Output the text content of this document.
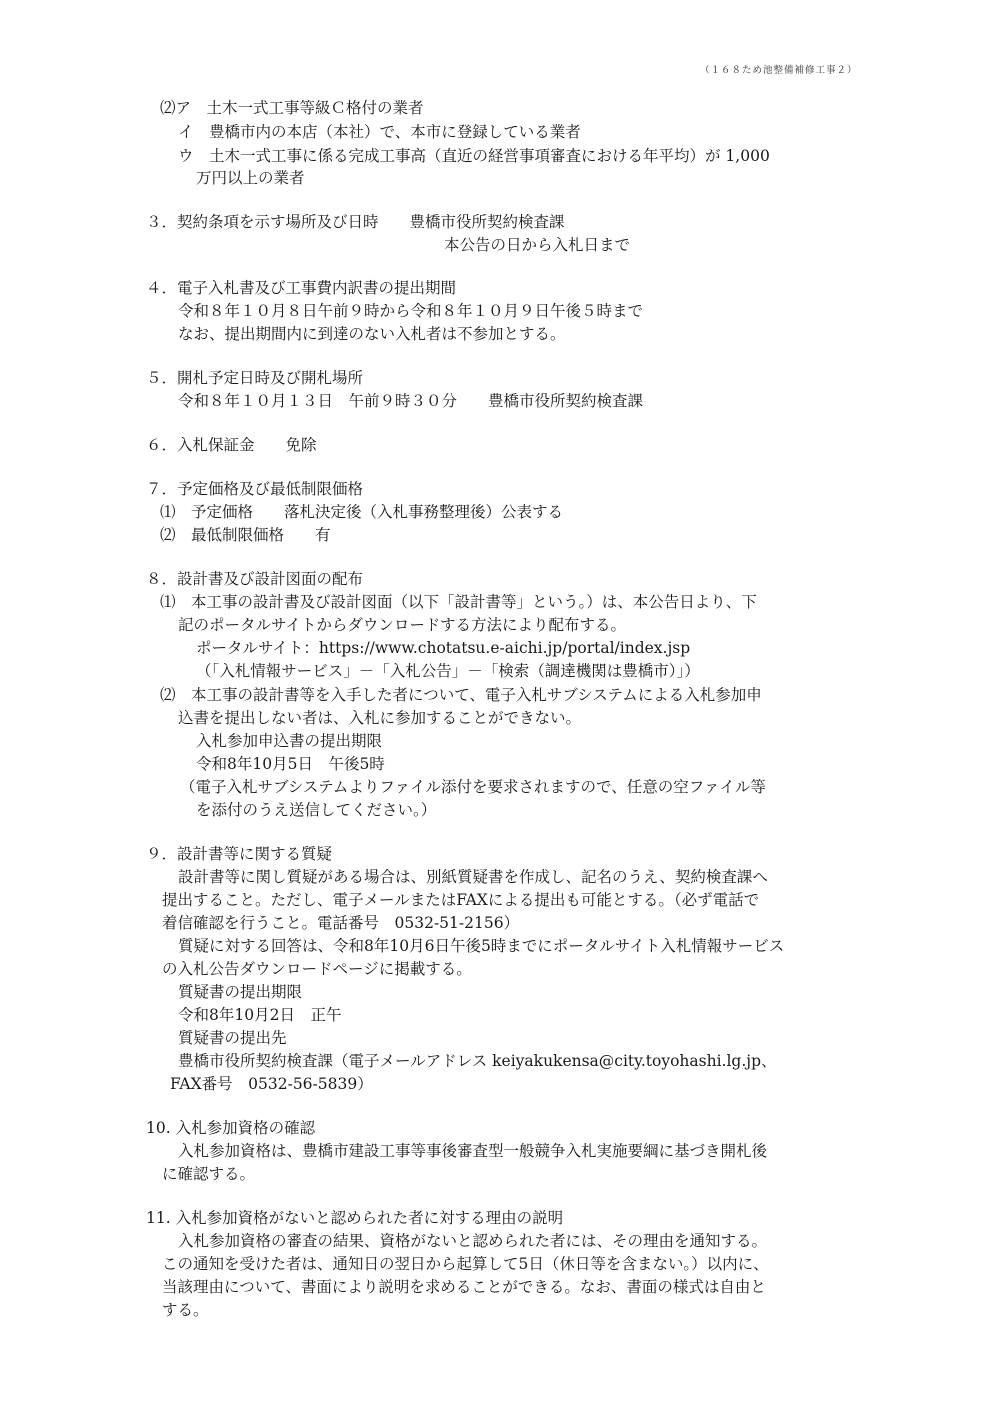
（１６８ため池整備補修工事２）
⑵ア　土木一式工事等級Ｃ格付の業者
イ　豊橋市内の本店（本社）で、本市に登録している業者
ウ　土木一式工事に係る完成工事高（直近の経営事項審査における年平均）が 1,000
万円以上の業者
３．契約条項を示す場所及び日時　　豊橋市役所契約検査課
本公告の日から入札日まで
４．電子入札書及び工事費内訳書の提出期間
令和８年１０月８日午前９時から令和８年１０月９日午後５時まで
なお、提出期間内に到達のない入札者は不参加とする。
５．開札予定日時及び開札場所
令和８年１０月１３日　午前９時３０分　　豊橋市役所契約検査課
６．入札保証金　　免除
７．予定価格及び最低制限価格
⑴　予定価格　　落札決定後（入札事務整理後）公表する
⑵　最低制限価格　　有
８．設計書及び設計図面の配布
⑴　本工事の設計書及び設計図面（以下「設計書等」という。）は、本公告日より、下
記のポータルサイトからダウンロードする方法により配布する。
ポータルサイト：https://www.chotatsu.e-aichi.jp/portal/index.jsp
（「入札情報サービス」－「入札公告」－「検索（調達機関は豊橋市）」）
⑵　本工事の設計書等を入手した者について、電子入札サブシステムによる入札参加申
込書を提出しない者は、入札に参加することができない。
入札参加申込書の提出期限
令和8年10月5日　午後5時
（電子入札サブシステムよりファイル添付を要求されますので、任意の空ファイル等
を添付のうえ送信してください。）
９．設計書等に関する質疑
設計書等に関し質疑がある場合は、別紙質疑書を作成し、記名のうえ、契約検査課へ
提出すること。ただし、電子メールまたはFAXによる提出も可能とする。（必ず電話で
着信確認を行うこと。電話番号　0532-51-2156）
質疑に対する回答は、令和8年10月6日午後5時までにポータルサイト入札情報サービス
の入札公告ダウンロードページに掲載する。
質疑書の提出期限
令和8年10月2日　正午
質疑書の提出先
豊橋市役所契約検査課（電子メールアドレス keiyakukensa@city.toyohashi.lg.jp、
FAX番号　0532-56-5839）
10. 入札参加資格の確認
入札参加資格は、豊橋市建設工事等事後審査型一般競争入札実施要綱に基づき開札後
に確認する。
11. 入札参加資格がないと認められた者に対する理由の説明
入札参加資格の審査の結果、資格がないと認められた者には、その理由を通知する。
この通知を受けた者は、通知日の翌日から起算して5日（休日等を含まない。）以内に、
当該理由について、書面により説明を求めることができる。なお、書面の様式は自由と
する。
